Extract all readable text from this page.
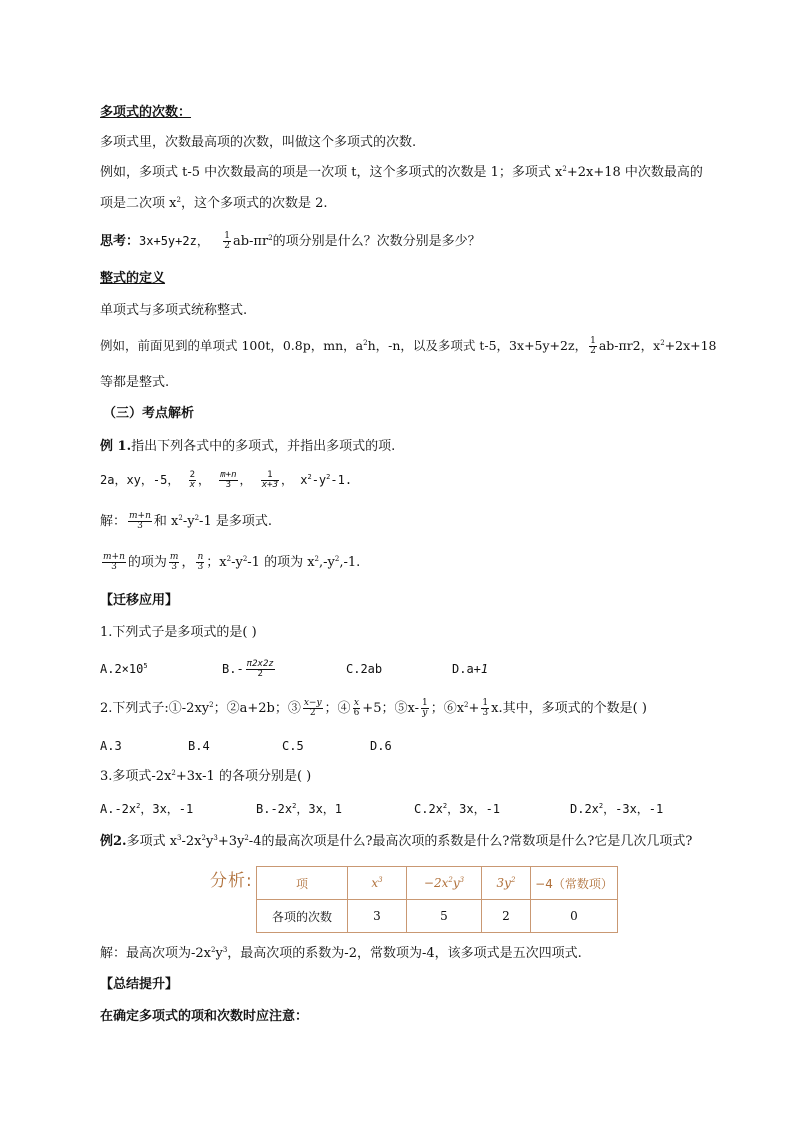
多项式的次数：
多项式里，次数最高项的次数，叫做这个多项式的次数.
例如，多项式 t-5 中次数最高的项是一次项 t，这个多项式的次数是 1；多项式 $x^2+2x+18$ 中次数最高的
项是二次项 $x^2$，这个多项式的次数是 2.
思考：3x+5y+2z， $\frac{1}{2} ab-\pi r^2$的项分别是什么？次数分别是多少？
整式的定义
单项式与多项式统称整式.
例如，前面见到的单项式 100t，0.8p，mn，$a^2h$，-n，以及多项式 t-5，3x+5y+2z， $\frac{1}{2} ab-\pi r2$，$x^2+2x+18$
等都是整式.
（三）考点解析
例 1.指出下列各式中的多项式，并指出多项式的项.
2a，xy，-5， $\frac{2}{x}$ ， $\frac{m+n}{3}$ ， $\frac{1}{x+3}$ ， $x^2-y^2-1$.
解： $\frac{m+n}{3}$ 和 $x^2-y^2-1$ 是多项式.
$\frac{m+n}{3}$ 的项为 $\frac{m}{3}$ ， $\frac{n}{3}$ ；$x^2-y^2-1$ 的项为 $x^2,-y^2,-1$.
【迁移应用】
1.下列式子是多项式的是( )
$A.2\times 10^5$	$B.- \frac{\pi 2x2z}{2}$	C.2ab	D.a+1
2.下列式子$:①-2xy^2$；②a+2b；③ $\frac{x-y}{2}$ ；④ $\frac{x}{6} +5$；⑤x- $\frac{1}{y}$ ；$⑥x^2+ \frac{1}{3} x$.其中，多项式的个数是( )
A.3	B.4	C.5	D.6
3.多项式$-2x^2+3x-1$ 的各项分别是( )
$A.-2x^2$，3x，-1	$B.-2x^2$，3x，1	$C.2x^2$，3x，-1	$D.2x^2$，-3x，-1
例2.多项式 $x^3-2x^2y^3+3y^2-4$的最高次项是什么?最高次项的系数是什么?常数项是什么?它是几次几项式?
分析:	项	$x^3$	$-2x^2y^3$	$3y^2$	−4（常数项）
各项的次数	3	5	2	0
解：最高次项为$-2x^2y^3$，最高次项的系数为-2，常数项为-4，该多项式是五次四项式.
【总结提升】
在确定多项式的项和次数时应注意：
